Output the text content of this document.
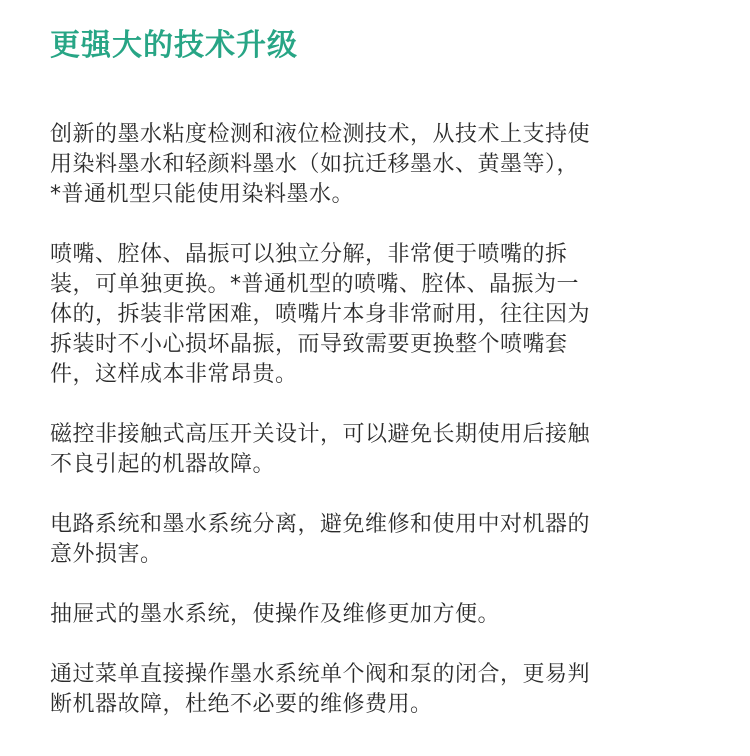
更强大的技术升级

创新的墨水粘度检测和液位检测技术，从技术上支持使
用染料墨水和轻颜料墨水（如抗迁移墨水、黄墨等），
*普通机型只能使用染料墨水。

喷嘴、腔体、晶振可以独立分解，非常便于喷嘴的拆
装，可单独更换。*普通机型的喷嘴、腔体、晶振为一
体的，拆装非常困难，喷嘴片本身非常耐用，往往因为
拆装时不小心损坏晶振，而导致需要更换整个喷嘴套
件，这样成本非常昂贵。

磁控非接触式高压开关设计，可以避免长期使用后接触
不良引起的机器故障。

电路系统和墨水系统分离，避免维修和使用中对机器的
意外损害。

抽屉式的墨水系统，使操作及维修更加方便。

通过菜单直接操作墨水系统单个阀和泵的闭合，更易判
断机器故障，杜绝不必要的维修费用。
